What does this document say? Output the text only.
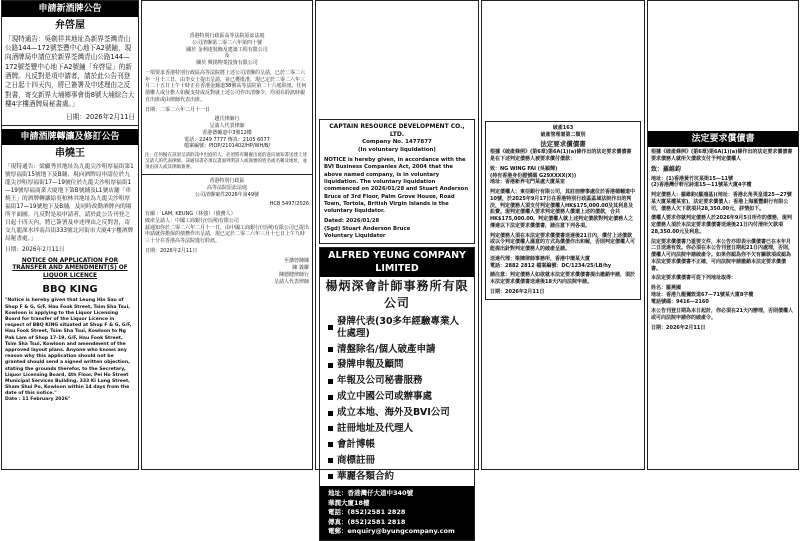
申請新酒牌公告
弁啓屋
「現特通告：吳劍祥其地址為新界荃灣青山公路144—172號荃豐中心地下A2號鋪，現向酒牌局申請位於新界荃灣青山公路144—172號荃豐中心地下A2號鋪「弁啓屋」的新酒牌。凡反對是項申請者，請於此公告刊登之日起十四天內，將已簽署及申述理由之反對書，寄交新界大埔鄉事會街8號大埔綜合大樓4字樓酒牌局秘書處。」
日期：2026年2月11日
申請酒牌轉讓及修訂公告
串燒王
「現特通告：梁顯秀其地址為九龍尖沙咀厚福街第1號厚福街15號地下及B舖，現向酒牌局申請位於九龍尖沙咀厚福街17—19號位於九龍尖沙咀厚福街1—19號厚福商業大廈地下第B號鋪及L1號店舖「串燒王」的酒牌轉讓給吳柏林其地址為九龍尖沙咀厚福街17—19號地下及B舖，及同時改動酒牌內的場所平面圖。凡反對是項申請者，請於此公告刊登之日起十四天內，將已簽署及申述理由之反對書，寄交九龍深水埗南昌街333號北河街市大廈4字樓酒牌局秘書處。」
日期：2026年2月11日
NOTICE ON APPLICATION FOR TRANSFER AND AMENDMENT(S) OF LIQUOR LICENCE
BBQ KING
"Notice is hereby given that Leung Hin Sau of Shop F & G, G/F, Hau Fook Street, Tsim Sha Tsui, Kowloon is applying to the Liquor Licensing Board for transfer of the Liquor Licence in respect of BBQ KING situated at Shop F & G, G/F, Hau Fook Street, Tsim Sha Tsui, Kowloon to Ng Pak Lam of Shop 17-19, G/F, Hau Fook Street, Tsim Sha Tsui, Kowloon and amendment of the approved layout plans. Anyone who knows any reason why this application should not be granted should send a signed written objection, stating the grounds therefor, to the Secretary, Liquor Licensing Board, 4th Floor, Pei Ho Street Municipal Services Building, 333 Ki Lung Street, Sham Shui Po, Kowloon within 14 days from the date of this notice."
Date : 11 February 2026"
香港特別行政區高等法院原訟法庭
公司清盤第二零二六年第四十號
關於 金利達裝飾及建築工程有限公司
及
關於 興揚物業投資有限公司
一項要求香港特別行政區高等法院將上述公司清盤的呈請，已於二零二六年一月十三日，由李女士提出呈請，並已獲批准，現已定於二零二六年三月二十五日上午十時正在香港金鐘道38號高等法院第二十六庭聆訊。任何債權人或分擔人如擬支持或反對就上述公司作出清盤令，均須在聆訊時親自出席或由律師代表出席。
日期：二零二六年二月十一日
趙氏律師行
呈請人代表律師
香港德輔道中3號12樓
電話：2249 7777 傳真：2105 6077
檔案編號：PIOP/2101402/HP/WH/B/
注：任何擬在該項呈請聆訊中出庭的人，必須將有關擬出庭的意向通知書送達上述呈請人的代表律師。該通知書必須以書面列明該人或商號的姓名或名稱及地址，並須由該人或其律師簽署。
香港特別行政區
高等法院原訟法庭
公司清盤案件2026年第49號
HCB 5497/2026
有關 ：LAM, KEUNG（林強）（債務人）
破產呈請人：中國工商銀行(亞洲)有限公司
茲通知你於二零二六年二月十一日，由中國工商銀行(亞洲)有限公司已提出申請就你擔保的債務作出呈請，現已定於二零二六年三月十七日上午九時三十分在香港高等法院進行聆訊。
日期：2026年2月11日
至講曾陳陳
陳 義聯
陳德健律師行
呈請人代表律師
CAPTAIN RESOURCE DEVELOPMENT CO., LTD.
Company No. 1477877
(In voluntary liquidation)
NOTICE is hereby given, in accordance with the BVI Business Companies Act, 2004 that the above named company, is in voluntary liquidation. The voluntary liquidation commenced on 2026/01/28 and Stuart Anderson Bruce of 3rd Floor, Palm Grove House, Road Town, Tortola, British Virgin Islands is the voluntary liquidator.
Dated: 2026/01/28
(Sgd) Stuart Anderson Bruce
Voluntary Liquidator
ALFRED YEUNG COMPANY LIMITED
楊炳深會計師事務所有限公司
發牌代表(30多年經驗專業人仕處理)
清盤除名/個人破產申請
發牌申報及顧問
年報及公司秘書服務
成立中國公司或辦事處
成立本地、海外及BVI公司
註冊地址及代理人
會計博帳
商標註冊
華麗各類合約
地址：香港灣仔大道中340號
華潤大廈18樓
電話：(852)2581 2828
傳真：(852)2581 2818
電郵：enquiry@byungcompany.com
破產163
破產管理署第二類別
法定要求償債書
根據《破產條例》(第6章)第6A(1)(a)條作出的法定要求償債書是在下述判定債務人被要求償付債款：
致：NG WING FAI (吳穎輝)
(持有香港身份證號碼 G29XXXX(X))
地址：香港新界屯門某處大廈某室
判定債權人：東亞銀行有限公司，其註冊辦事處位於香港德輔道中10號，於2025年9月17日在香港特別行政區區域法院作出的判決，判定債務人須支付判定債權人HK$175,000.00及其利息及訟費。現判定債權人要求判定債務人償還上述的債款，合共HK$175,000.00。判定債權人就上述判定債款對判定債務人之傳達以下法定要求償債書，請注意下列各項。
判定債務人須在本法定要求償債書送達後21日內，償付上述債款或以令判定債權人滿意的方式為償債作出和解，否則判定債權人可能提出針對判定債務人的破產呈請。
送達代理：梁陳律師事務所，香港中環某大廈
電話：2882 2812 檔案編號：DC/1234/25/LB/hy
請注意：判定債務人如欲就本法定要求償債書提出撤銷申請，須於本法定要求償債書送達後18天內向法院申請。
日期：2026年2月11日
法定要求償債書
根據《破產條例》(第6章)第6A(1)(a)條作出的法定要求償債書要求債務人就所欠債款支付予判定債權人
致：羅維鈞
地址：(1)香港黃竹坑某街15—11號
(2)香港灣仔軒尼詩道15—11號某大廈4字樓
判定債務人：羅維鈞(羅鴻基)(地址：香港北角英皇道25—27號某大廈某樓某室)，法定要求償債人：香港上海滙豐銀行有限公司，債務人欠下款項共28,350.00元，詳情如下。
債權人要求你就判定債務人於2026年9月5日所作的債務，現判定債務人須於本法定要求償債書送達後21日內付清所欠款項28,350.00元及利息。
法定要求償債書乃重要文件，本公告亦即表示償債書已在本年月二日送達有效。你必須在本公告刊登日期起21日內處理，否則，債權人可向法院申請破產令。如果你認為你不欠有關款項或認為本法定要求償債書不正確，可向法院申請撤銷本法定要求償債書。
本法定要求償債書可從下列地址取得：
姓名：羅燕國
地址：香港九龍彌敦道67—71號某大廈8字樓
電話號碼：9416—2160
本公告刊登日期為本日起計，你必須在21天內辦理，否則債權人或可向法院申請你的破產令。
日期：2026年2月11日
